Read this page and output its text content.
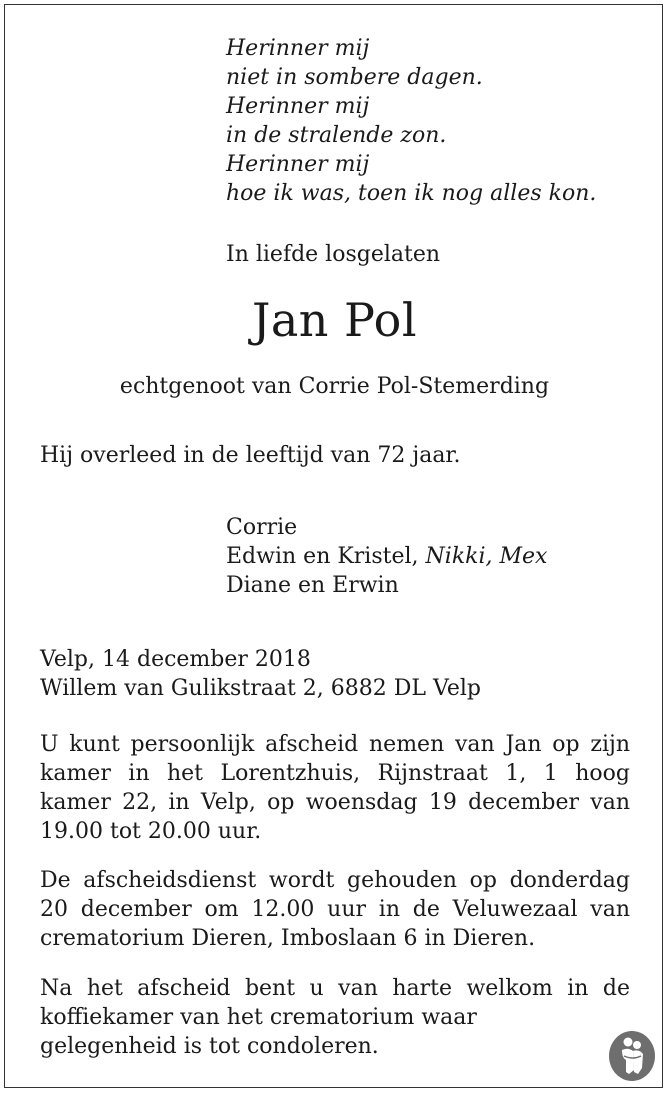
Herinner mij
niet in sombere dagen.
Herinner mij
in de stralende zon.
Herinner mij
hoe ik was, toen ik nog alles kon.
In liefde losgelaten
Jan Pol
echtgenoot van Corrie Pol-Stemerding
Hij overleed in de leeftijd van 72 jaar.
Corrie
Edwin en Kristel, Nikki, Mex
Diane en Erwin
Velp, 14 december 2018
Willem van Gulikstraat 2, 6882 DL Velp
U kunt persoonlijk afscheid nemen van Jan op zijn
kamer in het Lorentzhuis, Rijnstraat 1, 1 hoog
kamer 22, in Velp, op woensdag 19 december van
19.00 tot 20.00 uur.
De afscheidsdienst wordt gehouden op donderdag
20 december om 12.00 uur in de Veluwezaal van
crematorium Dieren, Imboslaan 6 in Dieren.
Na het afscheid bent u van harte welkom in de
koffiekamer van het crematorium waar
gelegenheid is tot condoleren.
